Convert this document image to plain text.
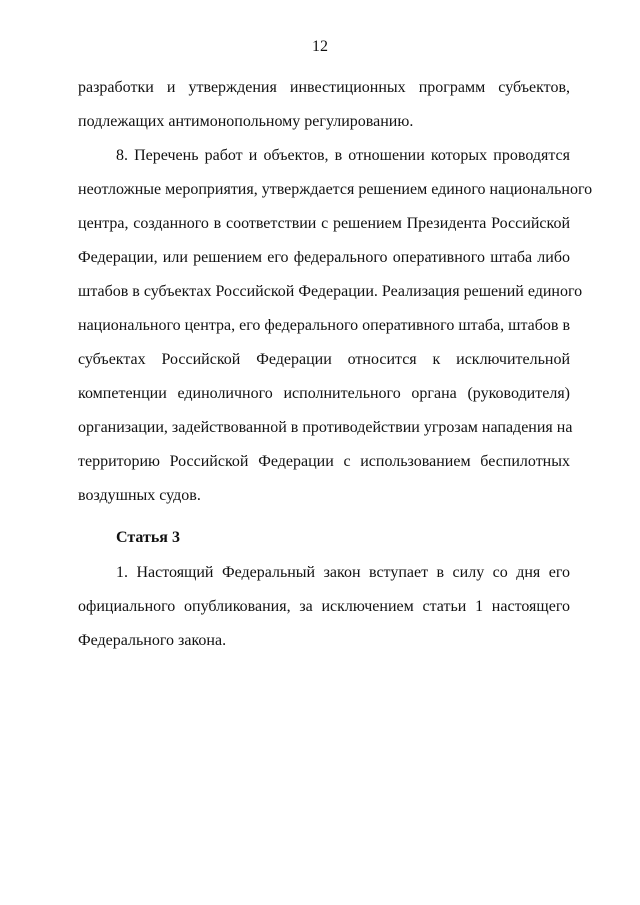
12
разработки и утверждения инвестиционных программ субъектов,
подлежащих антимонопольному регулированию.
8. Перечень работ и объектов, в отношении которых проводятся
неотложные мероприятия, утверждается решением единого национального
центра, созданного в соответствии с решением Президента Российской
Федерации, или решением его федерального оперативного штаба либо
штабов в субъектах Российской Федерации. Реализация решений единого
национального центра, его федерального оперативного штаба, штабов в
субъектах Российской Федерации относится к исключительной
компетенции единоличного исполнительного органа (руководителя)
организации, задействованной в противодействии угрозам нападения на
территорию Российской Федерации с использованием беспилотных
воздушных судов.
Статья 3
1. Настоящий Федеральный закон вступает в силу со дня его
официального опубликования, за исключением статьи 1 настоящего
Федерального закона.
